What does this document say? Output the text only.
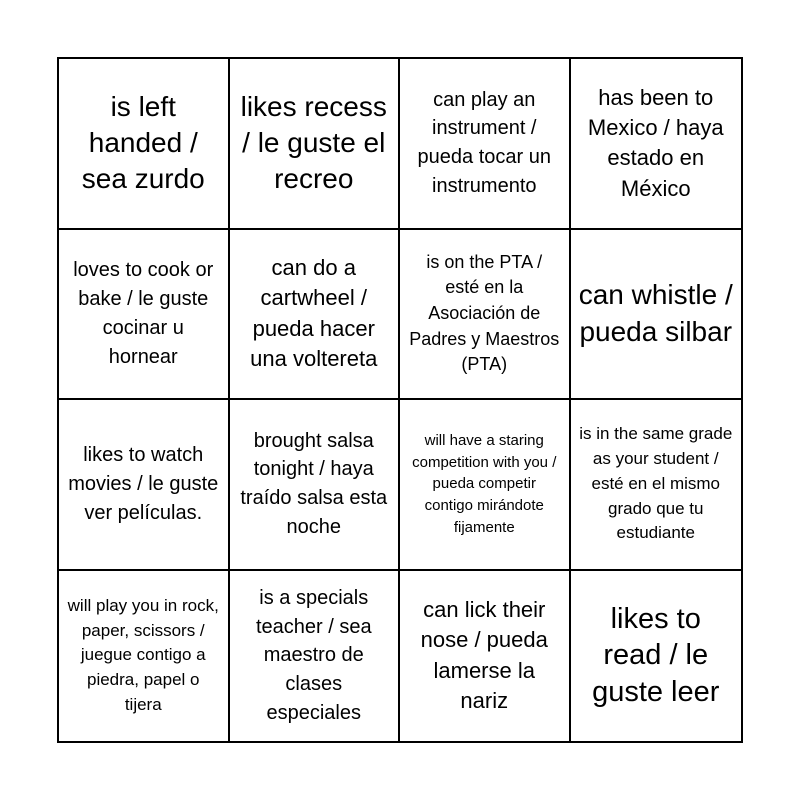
is left handed / sea zurdo
likes recess / le guste el recreo
can play an instrument / pueda tocar un instrumento
has been to Mexico / haya estado en México
loves to cook or bake / le guste cocinar u hornear
can do a cartwheel / pueda hacer una voltereta
is on the PTA / esté en la Asociación de Padres y Maestros (PTA)
can whistle / pueda silbar
likes to watch movies / le guste ver películas.
brought salsa tonight / haya traído salsa esta noche
will have a staring competition with you / pueda competir contigo mirándote fijamente
is in the same grade as your student / esté en el mismo grado que tu estudiante
will play you in rock, paper, scissors / juegue contigo a piedra, papel o tijera
is a specials teacher / sea maestro de clases especiales
can lick their nose / pueda lamerse la nariz
likes to read / le guste leer
